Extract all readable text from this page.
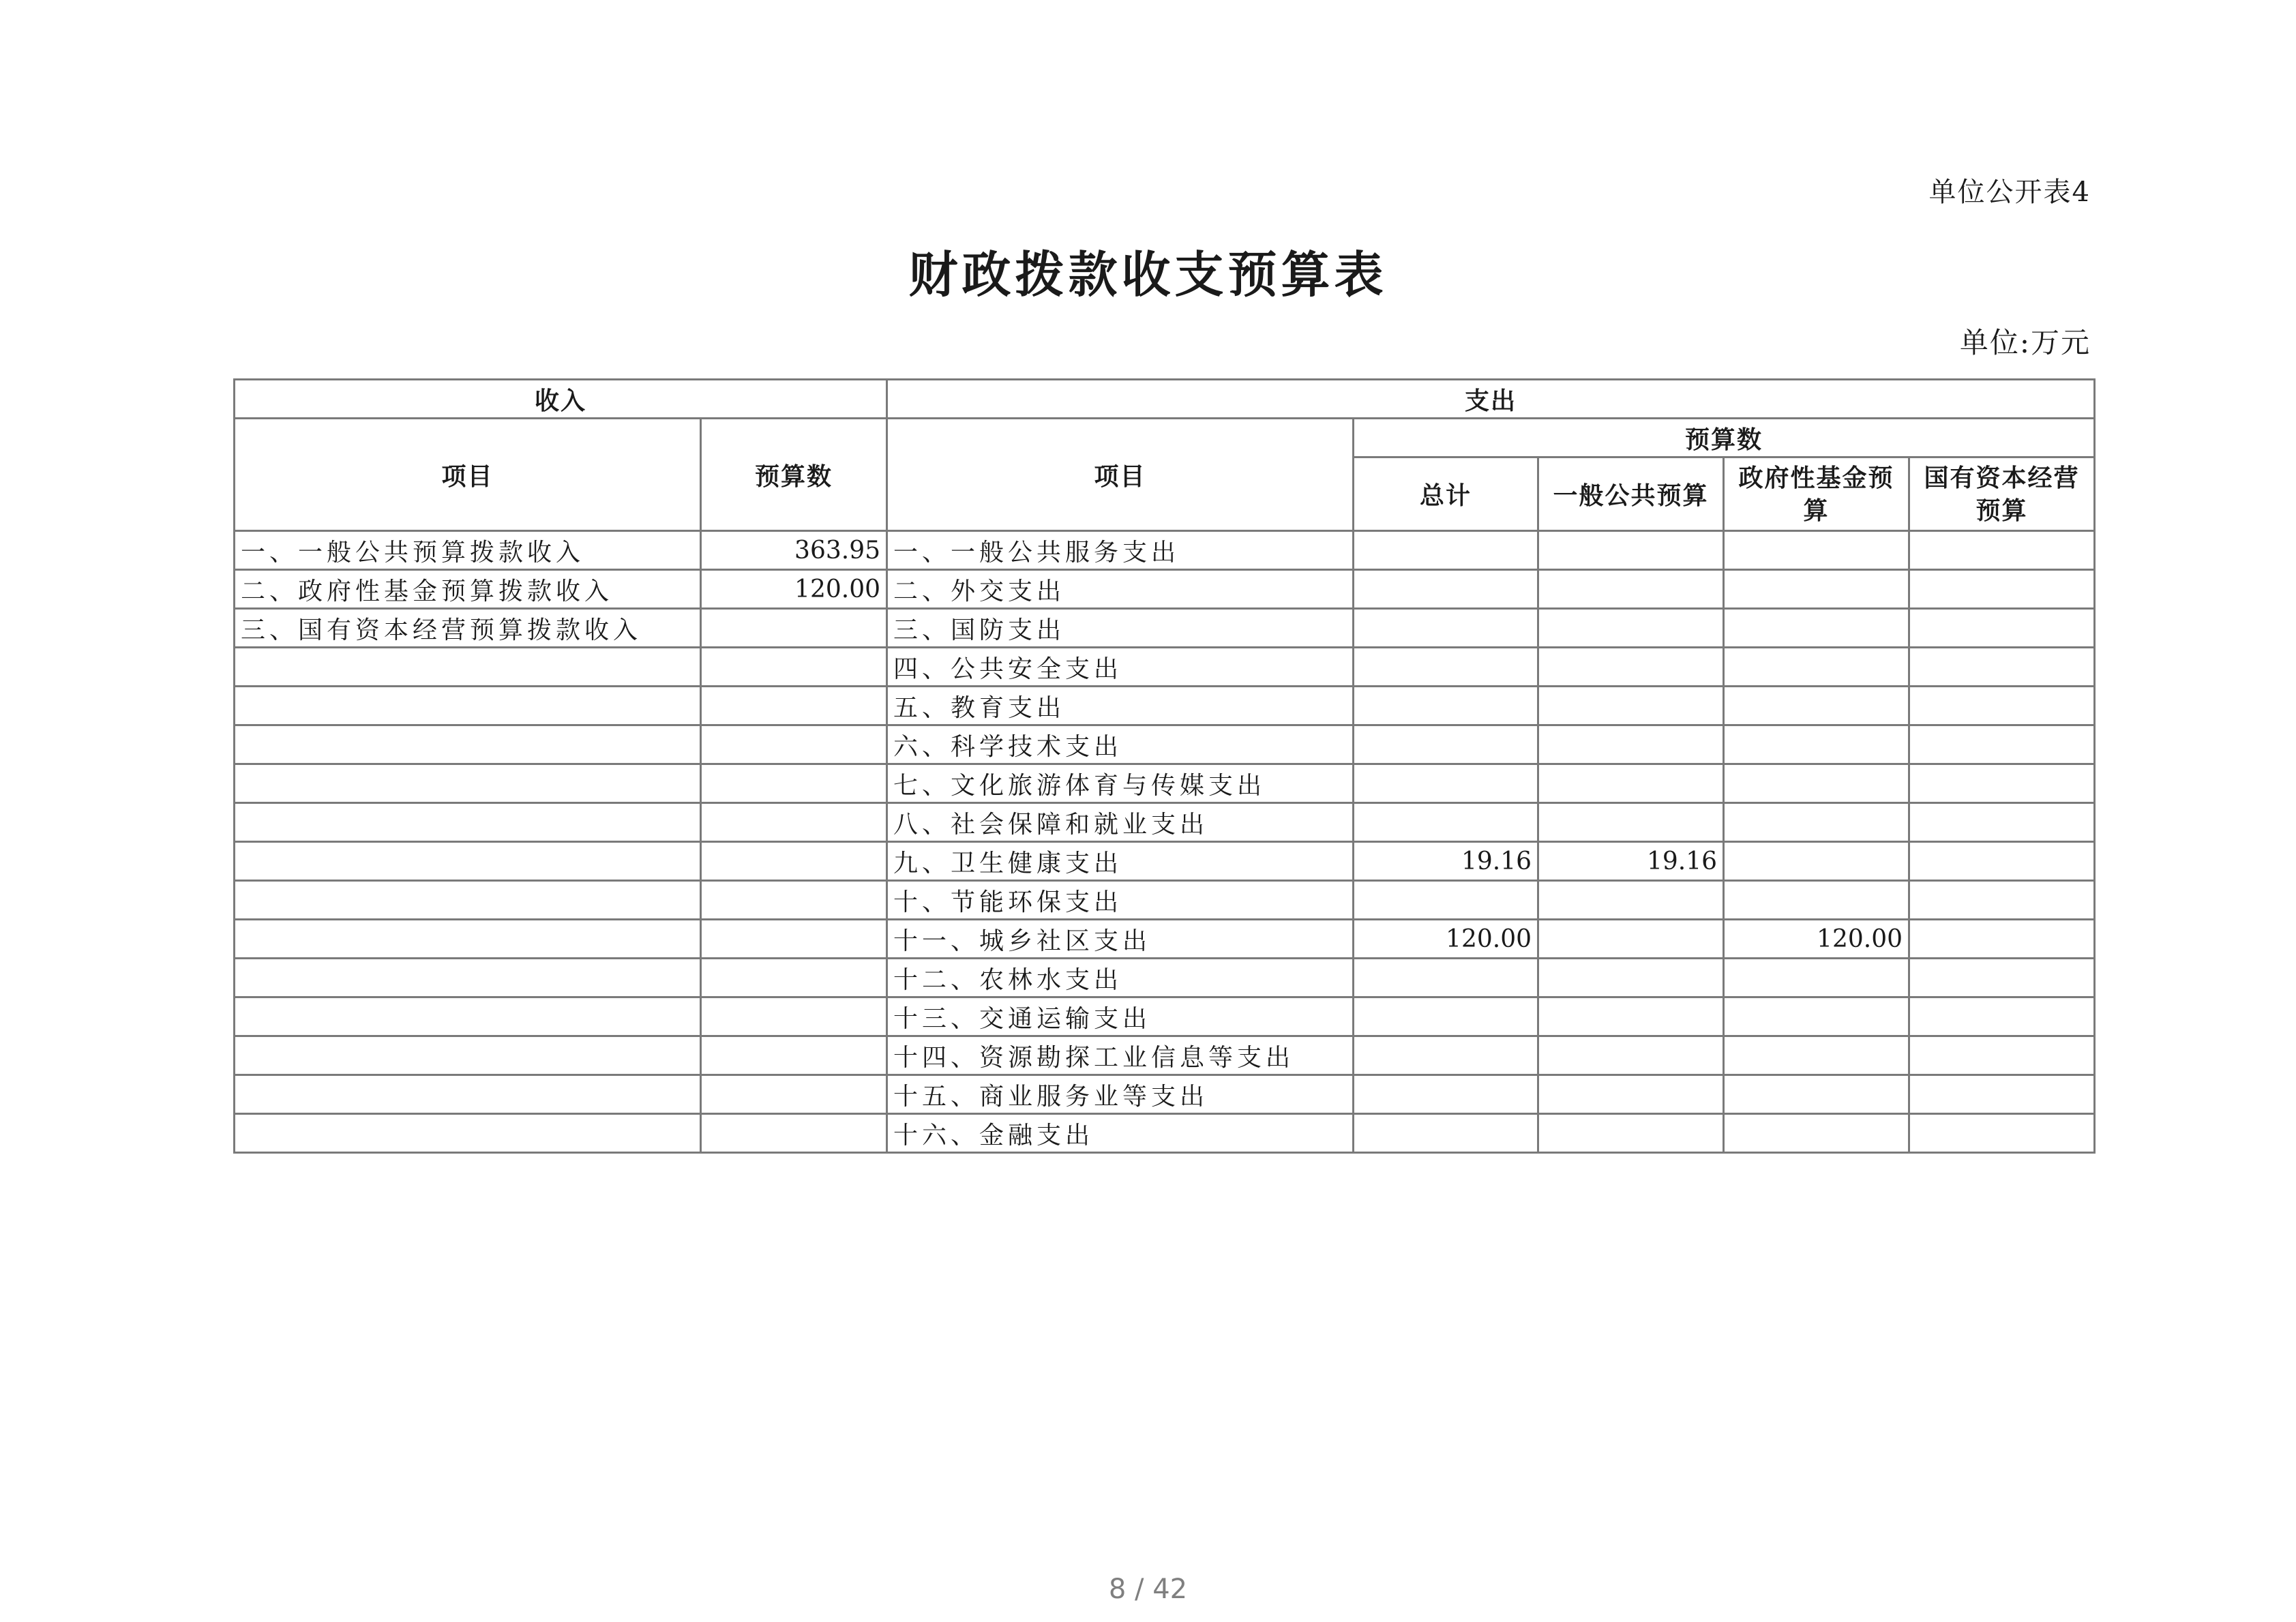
单位公开表4
财政拨款收支预算表
单位:万元
收入		支出				
项目	预算数	项目	预算数			
			总计	一般公共预算	政府性基金预算	国有资本经营预算
一、一般公共预算拨款收入	363.95	一、一般公共服务支出				
二、政府性基金预算拨款收入	120.00	二、外交支出				
三、国有资本经营预算拨款收入		三、国防支出				
		四、公共安全支出				
		五、教育支出				
		六、科学技术支出				
		七、文化旅游体育与传媒支出				
		八、社会保障和就业支出				
		九、卫生健康支出	19.16	19.16		
		十、节能环保支出				
		十一、城乡社区支出	120.00		120.00	
		十二、农林水支出				
		十三、交通运输支出				
		十四、资源勘探工业信息等支出				
		十五、商业服务业等支出				
		十六、金融支出				
8 / 42
